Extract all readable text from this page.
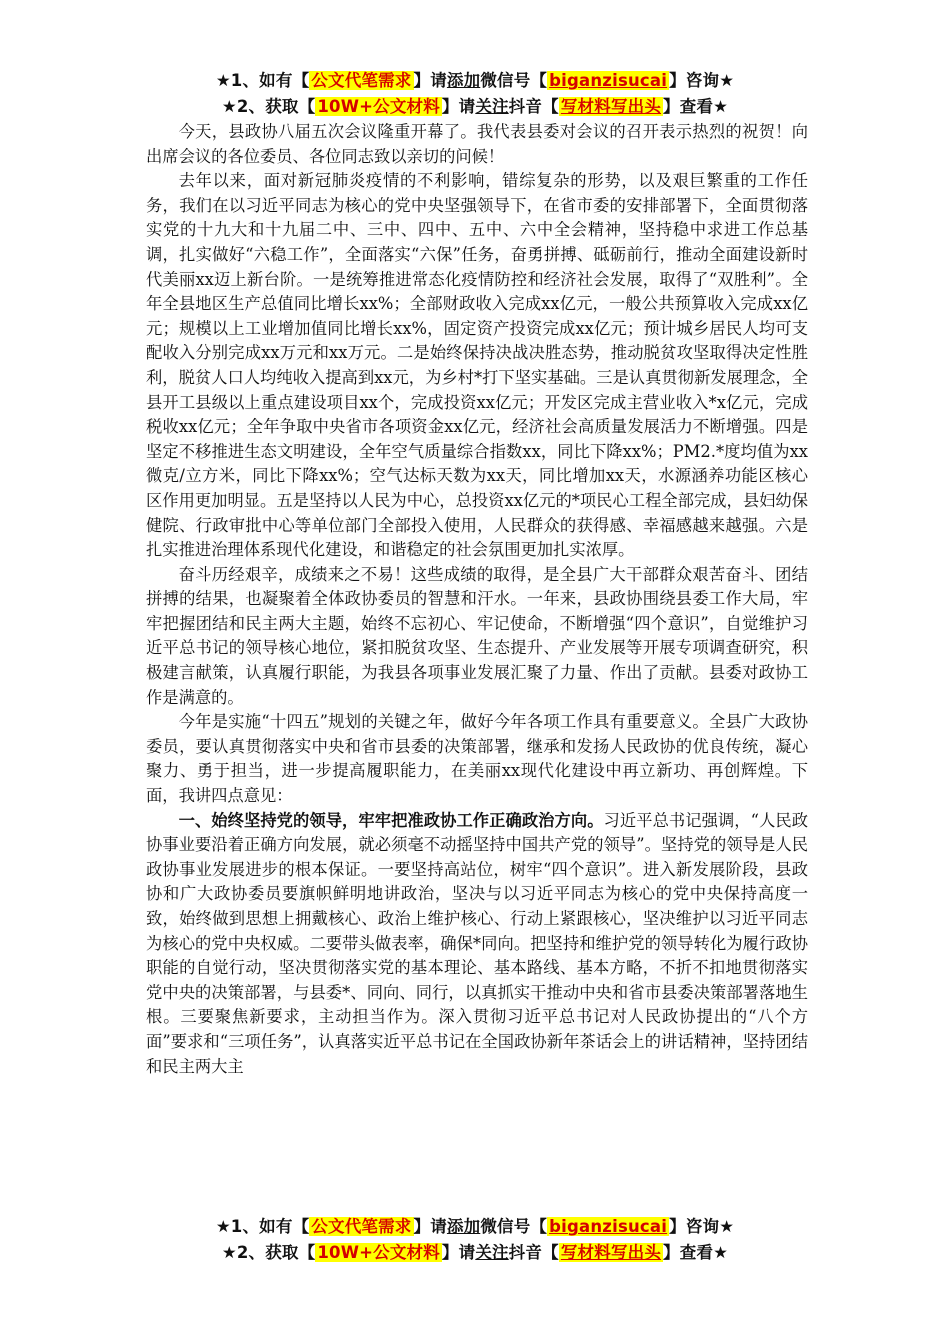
★1、如有【 公文代笔需求 】请添加微信号【 biganzisucai 】咨询★
★2、获取【 10W+公文材料 】请关注抖音【 写材料写出头 】查看★

今天，县政协八届五次会议隆重开幕了。我代表县委对会议的召开表示热烈的祝贺！向出席会议的各位委员、各位同志致以亲切的问候！

去年以来，面对新冠肺炎疫情的不利影响，错综复杂的形势，以及艰巨繁重的工作任务，我们在以习近平同志为核心的党中央坚强领导下，在省市委的安排部署下，全面贯彻落实党的十九大和十九届二中、三中、四中、五中、六中全会精神，坚持稳中求进工作总基调，扎实做好“六稳工作”，全面落实“六保”任务，奋勇拼搏、砥砺前行，推动全面建设新时代美丽xx迈上新台阶。一是统筹推进常态化疫情防控和经济社会发展，取得了“双胜利”。全年全县地区生产总值同比增长xx%；全部财政收入完成xx亿元，一般公共预算收入完成xx亿元；规模以上工业增加值同比增长xx%，固定资产投资完成xx亿元；预计城乡居民人均可支配收入分别完成xx万元和xx万元。二是始终保持决战决胜态势，推动脱贫攻坚取得决定性胜利，脱贫人口人均纯收入提高到xx元，为乡村*打下坚实基础。三是认真贯彻新发展理念，全县开工县级以上重点建设项目xx个，完成投资xx亿元；开发区完成主营业收入*x亿元，完成税收xx亿元；全年争取中央省市各项资金xx亿元，经济社会高质量发展活力不断增强。四是坚定不移推进生态文明建设，全年空气质量综合指数xx，同比下降xx%；PM2.*度均值为xx微克/立方米，同比下降xx%；空气达标天数为xx天，同比增加xx天，水源涵养功能区核心区作用更加明显。五是坚持以人民为中心，总投资xx亿元的*项民心工程全部完成，县妇幼保健院、行政审批中心等单位部门全部投入使用，人民群众的获得感、幸福感越来越强。六是扎实推进治理体系现代化建设，和谐稳定的社会氛围更加扎实浓厚。

奋斗历经艰辛，成绩来之不易！这些成绩的取得，是全县广大干部群众艰苦奋斗、团结拼搏的结果，也凝聚着全体政协委员的智慧和汗水。一年来，县政协围绕县委工作大局，牢牢把握团结和民主两大主题，始终不忘初心、牢记使命，不断增强“四个意识”，自觉维护习近平总书记的领导核心地位，紧扣脱贫攻坚、生态提升、产业发展等开展专项调查研究，积极建言献策，认真履行职能，为我县各项事业发展汇聚了力量、作出了贡献。县委对政协工作是满意的。

今年是实施“十四五”规划的关键之年，做好今年各项工作具有重要意义。全县广大政协委员，要认真贯彻落实中央和省市县委的决策部署，继承和发扬人民政协的优良传统，凝心聚力、勇于担当，进一步提高履职能力，在美丽xx现代化建设中再立新功、再创辉煌。下面，我讲四点意见：

一、始终坚持党的领导，牢牢把准政协工作正确政治方向。习近平总书记强调，“人民政协事业要沿着正确方向发展，就必须毫不动摇坚持中国共产党的领导”。坚持党的领导是人民政协事业发展进步的根本保证。一要坚持高站位，树牢“四个意识”。进入新发展阶段，县政协和广大政协委员要旗帜鲜明地讲政治，坚决与以习近平同志为核心的党中央保持高度一致，始终做到思想上拥戴核心、政治上维护核心、行动上紧跟核心，坚决维护以习近平同志为核心的党中央权威。二要带头做表率，确保*同向。把坚持和维护党的领导转化为履行政协职能的自觉行动，坚决贯彻落实党的基本理论、基本路线、基本方略，不折不扣地贯彻落实党中央的决策部署，与县委*、同向、同行，以真抓实干推动中央和省市县委决策部署落地生根。三要聚焦新要求，主动担当作为。深入贯彻习近平总书记对人民政协提出的“八个方面”要求和“三项任务”，认真落实近平总书记在全国政协新年茶话会上的讲话精神，坚持团结和民主两大主

★1、如有【 公文代笔需求 】请添加微信号【 biganzisucai 】咨询★
★2、获取【 10W+公文材料 】请关注抖音【 写材料写出头 】查看★
